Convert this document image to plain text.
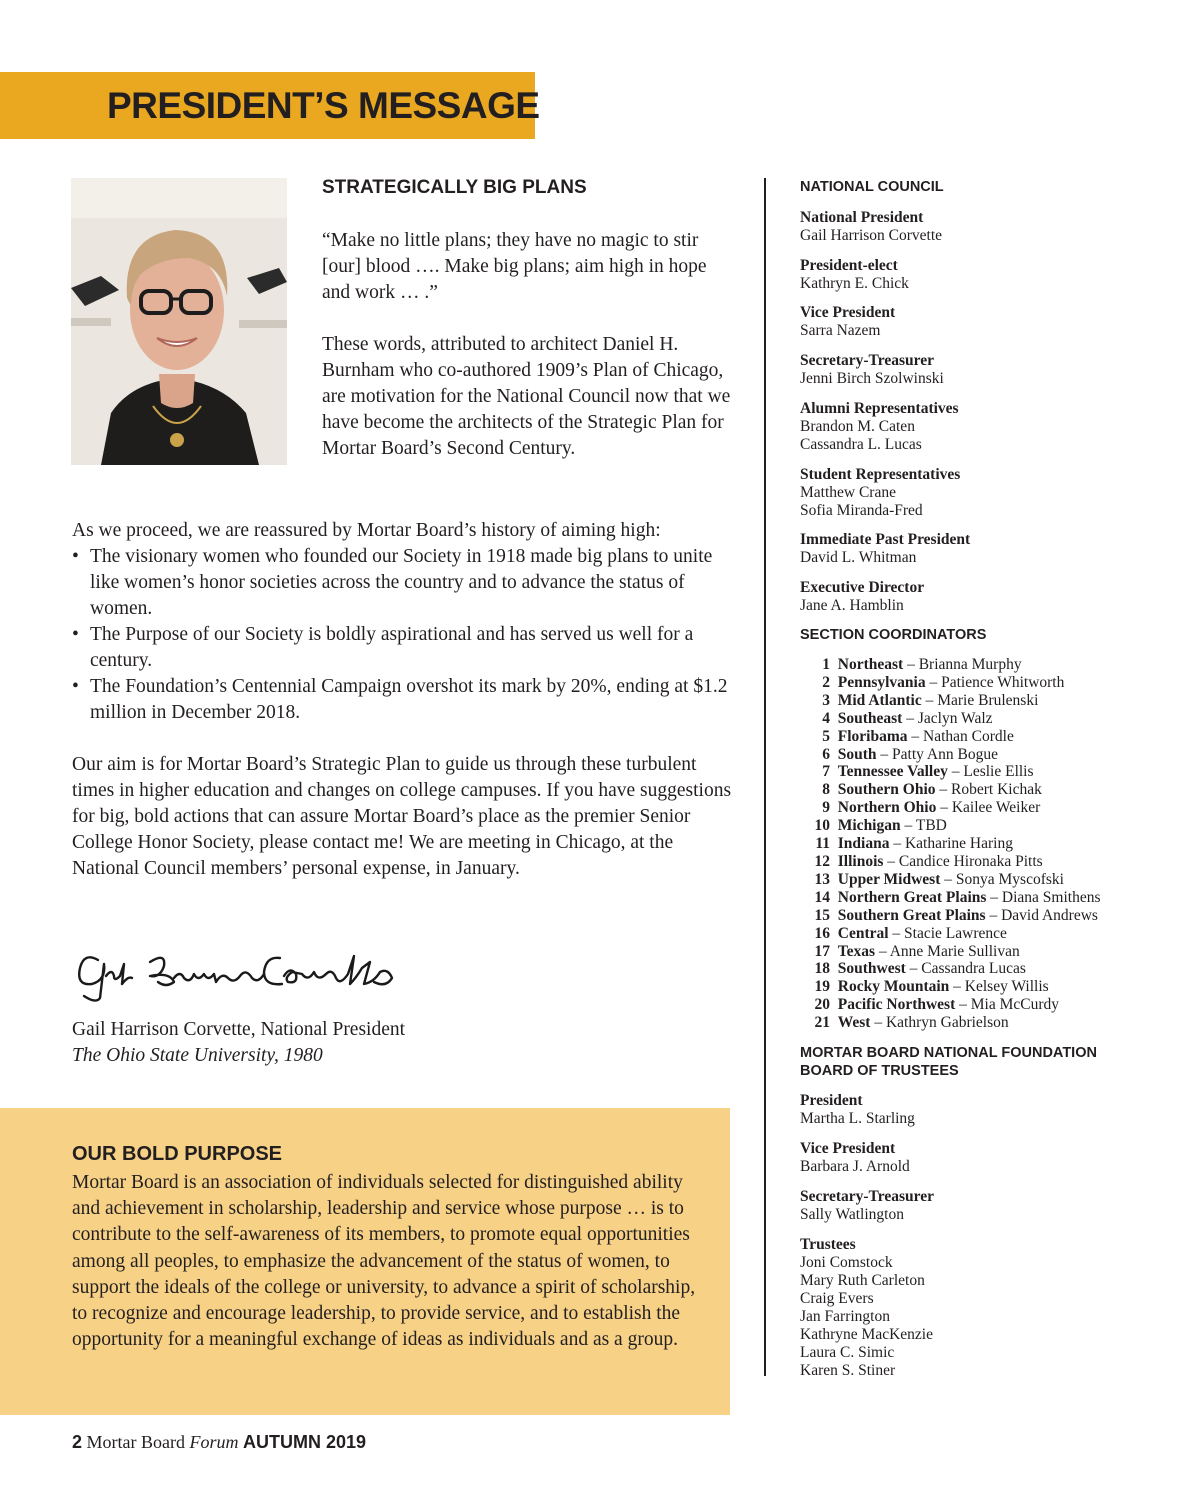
PRESIDENT’S MESSAGE
STRATEGICALLY BIG PLANS

“Make no little plans; they have no magic to stir [our] blood …. Make big plans; aim high in hope and work … .”

These words, attributed to architect Daniel H. Burnham who co-authored 1909’s Plan of Chicago, are motivation for the National Council now that we have become the architects of the Strategic Plan for Mortar Board’s Second Century.

As we proceed, we are reassured by Mortar Board’s history of aiming high:

• The visionary women who founded our Society in 1918 made big plans to unite like women’s honor societies across the country and to advance the status of women.
• The Purpose of our Society is boldly aspirational and has served us well for a century.
• The Foundation’s Centennial Campaign overshot its mark by 20%, ending at $1.2 million in December 2018.

Our aim is for Mortar Board’s Strategic Plan to guide us through these turbulent times in higher education and changes on college campuses. If you have suggestions for big, bold actions that can assure Mortar Board’s place as the premier Senior College Honor Society, please contact me! We are meeting in Chicago, at the National Council members’ personal expense, in January.

Gail Harrison Corvette, National President
The Ohio State University, 1980
OUR BOLD PURPOSE

Mortar Board is an association of individuals selected for distinguished ability and achievement in scholarship, leadership and service whose purpose … is to contribute to the self-awareness of its members, to promote equal opportunities among all peoples, to emphasize the advancement of the status of women, to support the ideals of the college or university, to advance a spirit of scholarship, to recognize and encourage leadership, to provide service, and to establish the opportunity for a meaningful exchange of ideas as individuals and as a group.

2 Mortar Board Forum AUTUMN 2019
NATIONAL COUNCIL
National President
Gail Harrison Corvette
President-elect
Kathryn E. Chick
Vice President
Sarra Nazem
Secretary-Treasurer
Jenni Birch Szolwinski
Alumni Representatives
Brandon M. Caten
Cassandra L. Lucas
Student Representatives
Matthew Crane
Sofia Miranda-Fred
Immediate Past President
David L. Whitman
Executive Director
Jane A. Hamblin
SECTION COORDINATORS
1 Northeast – Brianna Murphy
2 Pennsylvania – Patience Whitworth
3 Mid Atlantic – Marie Brulenski
4 Southeast – Jaclyn Walz
5 Floribama – Nathan Cordle
6 South – Patty Ann Bogue
7 Tennessee Valley – Leslie Ellis
8 Southern Ohio – Robert Kichak
9 Northern Ohio – Kailee Weiker
10 Michigan – TBD
11 Indiana – Katharine Haring
12 Illinois – Candice Hironaka Pitts
13 Upper Midwest – Sonya Myscofski
14 Northern Great Plains – Diana Smithens
15 Southern Great Plains – David Andrews
16 Central – Stacie Lawrence
17 Texas – Anne Marie Sullivan
18 Southwest – Cassandra Lucas
19 Rocky Mountain – Kelsey Willis
20 Pacific Northwest – Mia McCurdy
21 West – Kathryn Gabrielson
MORTAR BOARD NATIONAL FOUNDATION
BOARD OF TRUSTEES
President
Martha L. Starling
Vice President
Barbara J. Arnold
Secretary-Treasurer
Sally Watlington
Trustees
Joni Comstock
Mary Ruth Carleton
Craig Evers
Jan Farrington
Kathryne MacKenzie
Laura C. Simic
Karen S. Stiner
